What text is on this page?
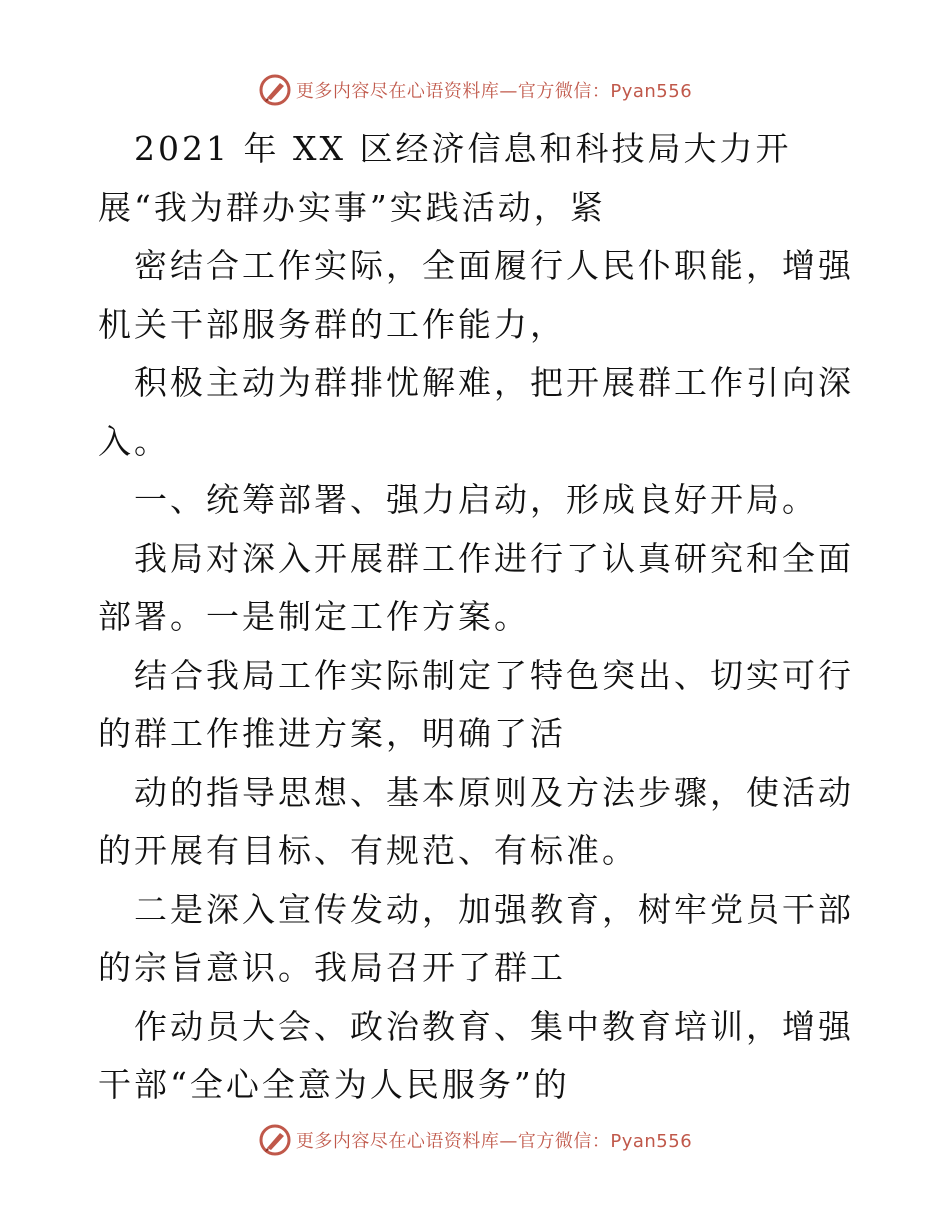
更多内容尽在心语资料库—官方微信：Pyan556

2021 年 XX 区经济信息和科技局大力开展“我为群办实事”实践活动，紧

密结合工作实际，全面履行人民仆职能，增强机关干部服务群的工作能力，

积极主动为群排忧解难，把开展群工作引向深入。

一、统筹部署、强力启动，形成良好开局。

我局对深入开展群工作进行了认真研究和全面部署。一是制定工作方案。

结合我局工作实际制定了特色突出、切实可行的群工作推进方案，明确了活

动的指导思想、基本原则及方法步骤，使活动的开展有目标、有规范、有标准。

二是深入宣传发动，加强教育，树牢党员干部的宗旨意识。我局召开了群工

作动员大会、政治教育、集中教育培训，增强干部“全心全意为人民服务”的

更多内容尽在心语资料库—官方微信：Pyan556
